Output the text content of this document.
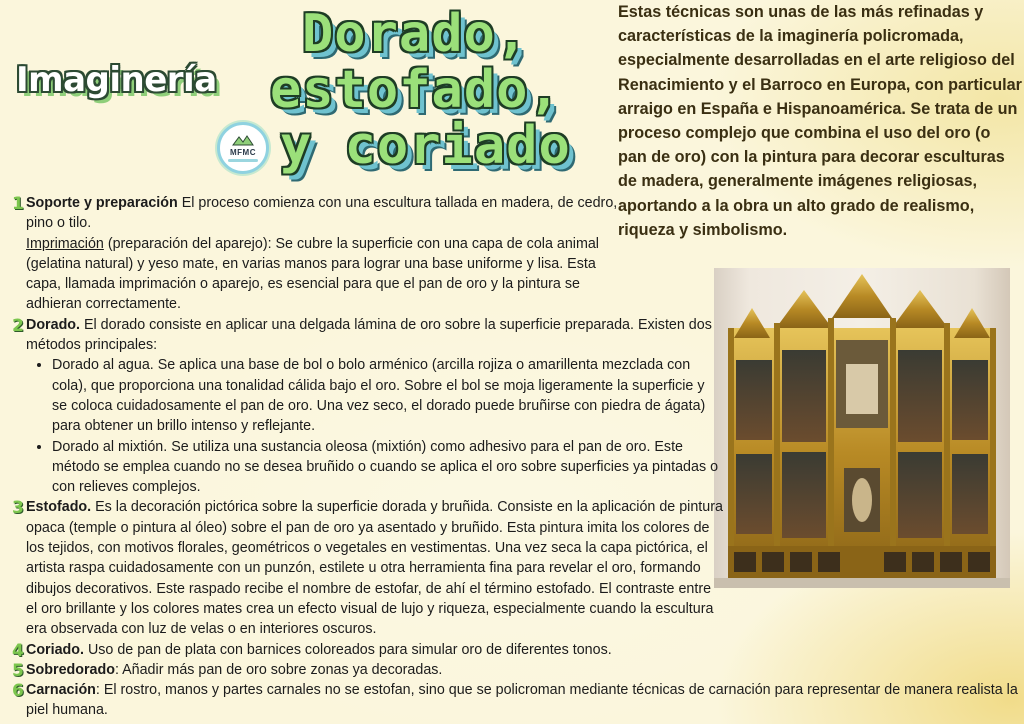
Imaginería
MFMC
Dorado,
estofado,
y coriado

Estas técnicas son unas de las más refinadas y características de la imaginería policromada, especialmente desarrolladas en el arte religioso del Renacimiento y el Barroco en Europa, con particular arraigo en España e Hispanoamérica. Se trata de un proceso complejo que combina el uso del oro (o pan de oro) con la pintura para decorar esculturas de madera, generalmente imágenes religiosas, aportando a la obra un alto grado de realismo, riqueza y simbolismo.

1 Soporte y preparación El proceso comienza con una escultura tallada en madera, de cedro, pino o tilo.
Imprimación (preparación del aparejo): Se cubre la superficie con una capa de cola animal (gelatina natural) y yeso mate, en varias manos para lograr una base uniforme y lisa. Esta capa, llamada imprimación o aparejo, es esencial para que el pan de oro y la pintura se adhieran correctamente.
2 Dorado. El dorado consiste en aplicar una delgada lámina de oro sobre la superficie preparada. Existen dos métodos principales:
• Dorado al agua. Se aplica una base de bol o bolo arménico (arcilla rojiza o amarillenta mezclada con cola), que proporciona una tonalidad cálida bajo el oro. Sobre el bol se moja ligeramente la superficie y se coloca cuidadosamente el pan de oro. Una vez seco, el dorado puede bruñirse con piedra de ágata) para obtener un brillo intenso y reflejante.
• Dorado al mixtión. Se utiliza una sustancia oleosa (mixtión) como adhesivo para el pan de oro. Este método se emplea cuando no se desea bruñido o cuando se aplica el oro sobre superficies ya pintadas o con relieves complejos.
3 Estofado. Es la decoración pictórica sobre la superficie dorada y bruñida. Consiste en la aplicación de pintura opaca (temple o pintura al óleo) sobre el pan de oro ya asentado y bruñido. Esta pintura imita los colores de los tejidos, con motivos florales, geométricos o vegetales en vestimentas. Una vez seca la capa pictórica, el artista raspa cuidadosamente con un punzón, estilete u otra herramienta fina para revelar el oro, formando dibujos decorativos. Este raspado recibe el nombre de estofar, de ahí el término estofado. El contraste entre el oro brillante y los colores mates crea un efecto visual de lujo y riqueza, especialmente cuando la escultura era observada con luz de velas o en interiores oscuros.
4 Coriado. Uso de pan de plata con barnices coloreados para simular oro de diferentes tonos.
5 Sobredorado: Añadir más pan de oro sobre zonas ya decoradas.
6 Carnación: El rostro, manos y partes carnales no se estofan, sino que se policroman mediante técnicas de carnación para representar de manera realista la piel humana.
